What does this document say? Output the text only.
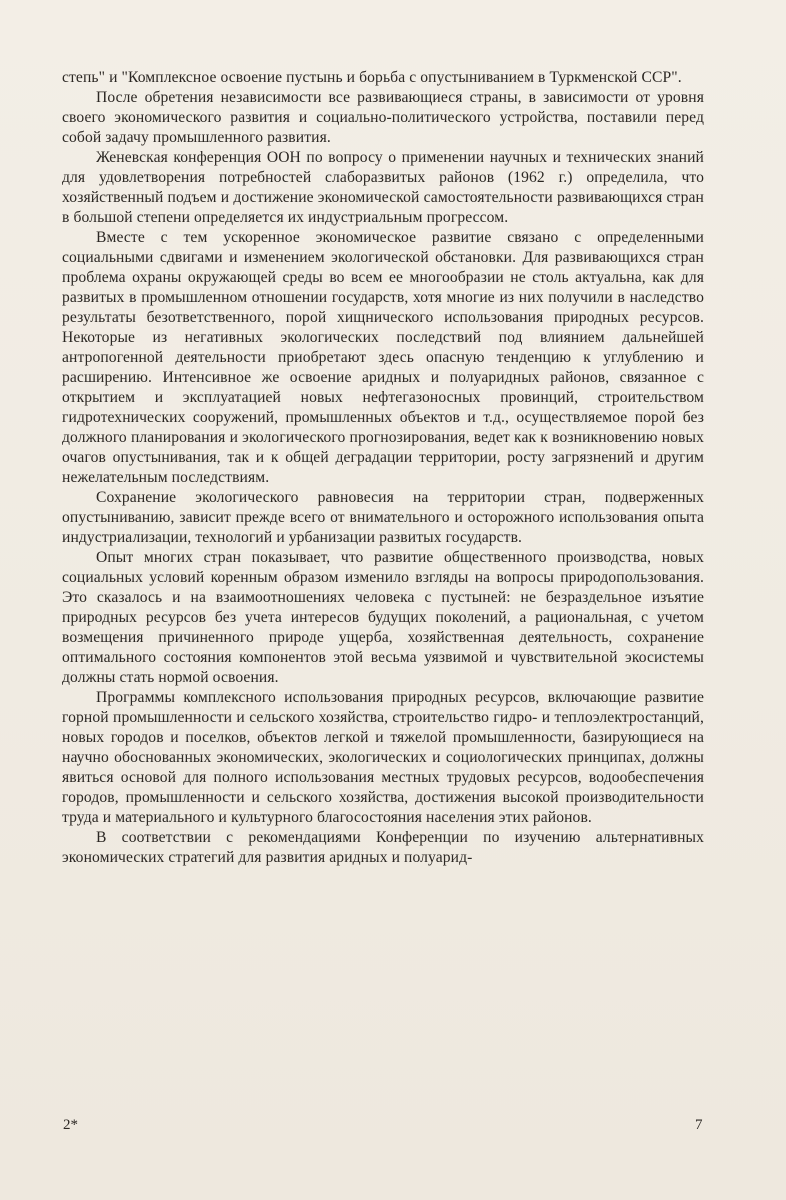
степь" и "Комплексное освоение пустынь и борьба с опустыниванием в Туркменской ССР".

После обретения независимости все развивающиеся страны, в зависимости от уровня своего экономического развития и социально-политического устройства, поставили перед собой задачу промышленного развития.

Женевская конференция ООН по вопросу о применении научных и технических знаний для удовлетворения потребностей слаборазвитых районов (1962 г.) определила, что хозяйственный подъем и достижение экономической самостоятельности развивающихся стран в большой степени определяется их индустриальным прогрессом.

Вместе с тем ускоренное экономическое развитие связано с определенными социальными сдвигами и изменением экологической обстановки. Для развивающихся стран проблема охраны окружающей среды во всем ее многообразии не столь актуальна, как для развитых в промышленном отношении государств, хотя многие из них получили в наследство результаты безответственного, порой хищнического использования природных ресурсов. Некоторые из негативных экологических последствий под влиянием дальнейшей антропогенной деятельности приобретают здесь опасную тенденцию к углублению и расширению. Интенсивное же освоение аридных и полуаридных районов, связанное с открытием и эксплуатацией новых нефтегазоносных провинций, строительством гидротехнических сооружений, промышленных объектов и т.д., осуществляемое порой без должного планирования и экологического прогнозирования, ведет как к возникновению новых очагов опустынивания, так и к общей деградации территории, росту загрязнений и другим нежелательным последствиям.

Сохранение экологического равновесия на территории стран, подверженных опустыниванию, зависит прежде всего от внимательного и осторожного использования опыта индустриализации, технологий и урбанизации развитых государств.

Опыт многих стран показывает, что развитие общественного производства, новых социальных условий коренным образом изменило взгляды на вопросы природопользования. Это сказалось и на взаимоотношениях человека с пустыней: не безраздельное изъятие природных ресурсов без учета интересов будущих поколений, а рациональная, с учетом возмещения причиненного природе ущерба, хозяйственная деятельность, сохранение оптимального состояния компонентов этой весьма уязвимой и чувствительной экосистемы должны стать нормой освоения.

Программы комплексного использования природных ресурсов, включающие развитие горной промышленности и сельского хозяйства, строительство гидро- и теплоэлектростанций, новых городов и поселков, объектов легкой и тяжелой промышленности, базирующиеся на научно обоснованных экономических, экологических и социологических принципах, должны явиться основой для полного использования местных трудовых ресурсов, водообеспечения городов, промышленности и сельского хозяйства, достижения высокой производительности труда и материального и культурного благосостояния населения этих районов.

В соответствии с рекомендациями Конференции по изучению альтернативных экономических стратегий для развития аридных и полуарид-

2*	7
